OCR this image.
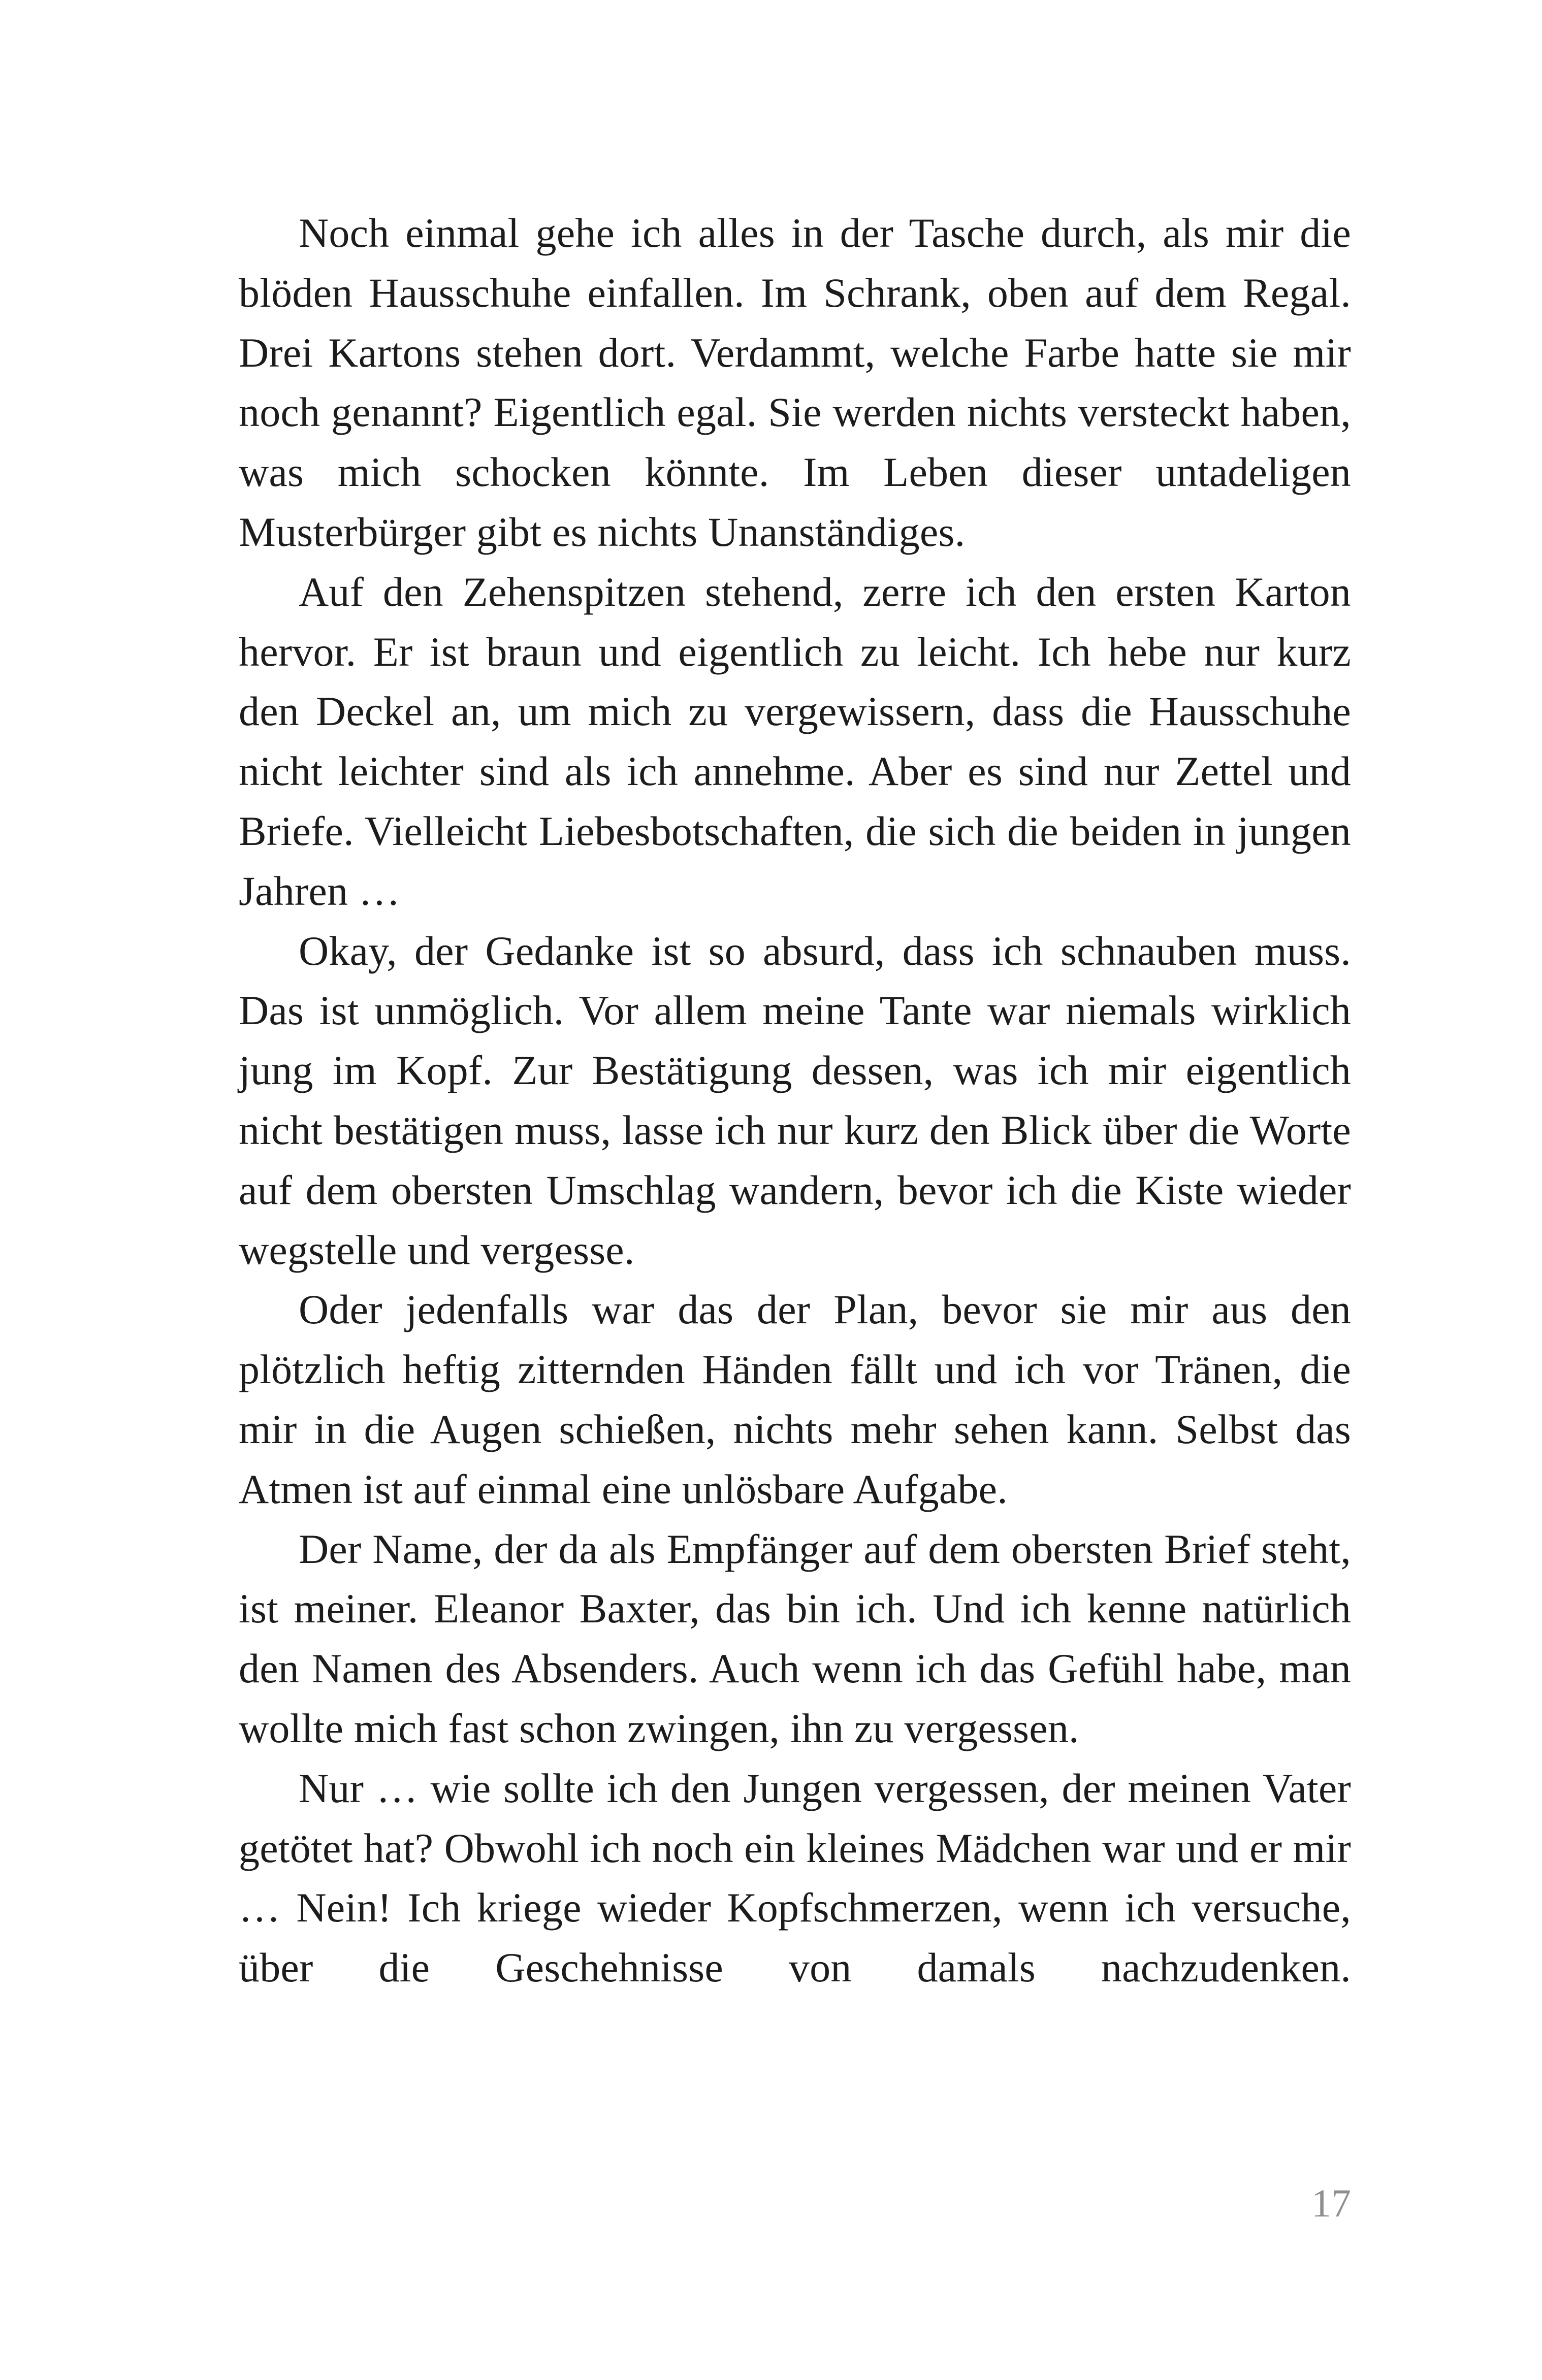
Noch einmal gehe ich alles in der Tasche durch, als mir die blöden Hausschuhe einfallen. Im Schrank, oben auf dem Regal. Drei Kartons stehen dort. Verdammt, welche Farbe hatte sie mir noch genannt? Eigentlich egal. Sie werden nichts versteckt haben, was mich schocken könnte. Im Leben dieser untadeligen Musterbürger gibt es nichts Unanständiges.

Auf den Zehenspitzen stehend, zerre ich den ersten Karton hervor. Er ist braun und eigentlich zu leicht. Ich hebe nur kurz den Deckel an, um mich zu vergewissern, dass die Hausschuhe nicht leichter sind als ich annehme. Aber es sind nur Zettel und Briefe. Vielleicht Liebesbotschaften, die sich die beiden in jungen Jahren …

Okay, der Gedanke ist so absurd, dass ich schnauben muss. Das ist unmöglich. Vor allem meine Tante war niemals wirklich jung im Kopf. Zur Bestätigung dessen, was ich mir eigentlich nicht bestätigen muss, lasse ich nur kurz den Blick über die Worte auf dem obersten Umschlag wandern, bevor ich die Kiste wieder wegstelle und vergesse.

Oder jedenfalls war das der Plan, bevor sie mir aus den plötzlich heftig zitternden Händen fällt und ich vor Tränen, die mir in die Augen schießen, nichts mehr sehen kann. Selbst das Atmen ist auf einmal eine unlösbare Aufgabe.

Der Name, der da als Empfänger auf dem obersten Brief steht, ist meiner. Eleanor Baxter, das bin ich. Und ich kenne natürlich den Namen des Absenders. Auch wenn ich das Gefühl habe, man wollte mich fast schon zwingen, ihn zu vergessen.

Nur … wie sollte ich den Jungen vergessen, der meinen Vater getötet hat? Obwohl ich noch ein kleines Mädchen war und er mir … Nein! Ich kriege wieder Kopfschmerzen, wenn ich versuche, über die Geschehnisse von damals nachzudenken.

17
